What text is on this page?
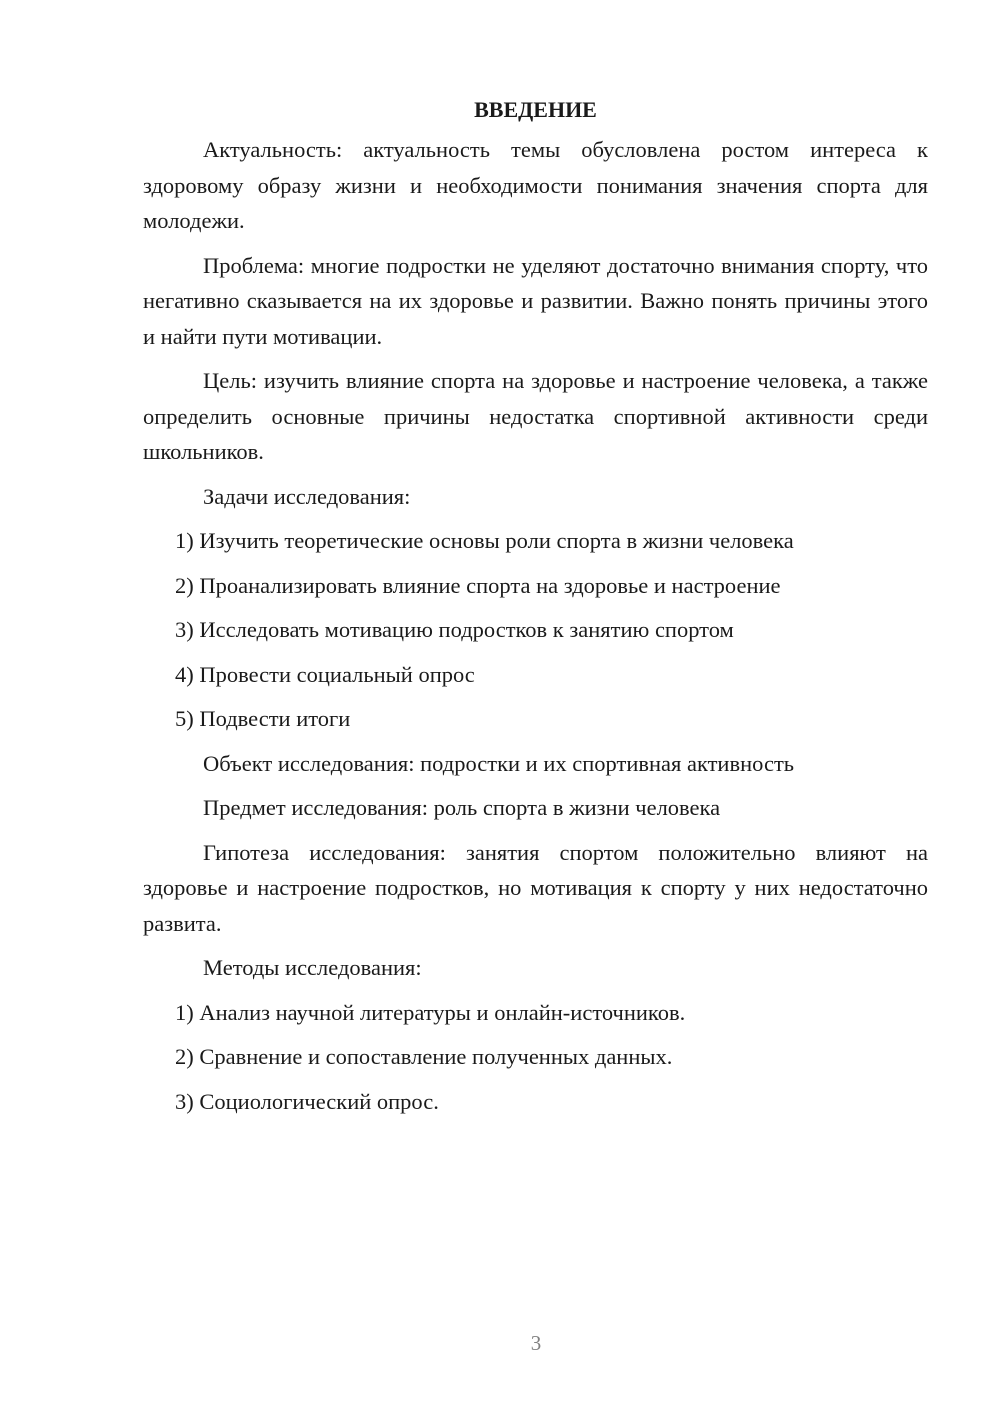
ВВЕДЕНИЕ

Актуальность: актуальность темы обусловлена ростом интереса к здоровому образу жизни и необходимости понимания значения спорта для молодежи.

Проблема: многие подростки не уделяют достаточно внимания спорту, что негативно сказывается на их здоровье и развитии. Важно понять причины этого и найти пути мотивации.

Цель: изучить влияние спорта на здоровье и настроение человека, а также определить основные причины недостатка спортивной активности среди школьников.

Задачи исследования:

1) Изучить теоретические основы роли спорта в жизни человека

2) Проанализировать влияние спорта на здоровье и настроение

3) Исследовать мотивацию подростков к занятию спортом

4) Провести социальный опрос

5) Подвести итоги

Объект исследования: подростки и их спортивная активность

Предмет исследования: роль спорта в жизни человека

Гипотеза исследования: занятия спортом положительно влияют на здоровье и настроение подростков, но мотивация к спорту у них недостаточно развита.

Методы исследования:

1) Анализ научной литературы и онлайн-источников.

2) Сравнение и сопоставление полученных данных.

3) Социологический опрос.

3
